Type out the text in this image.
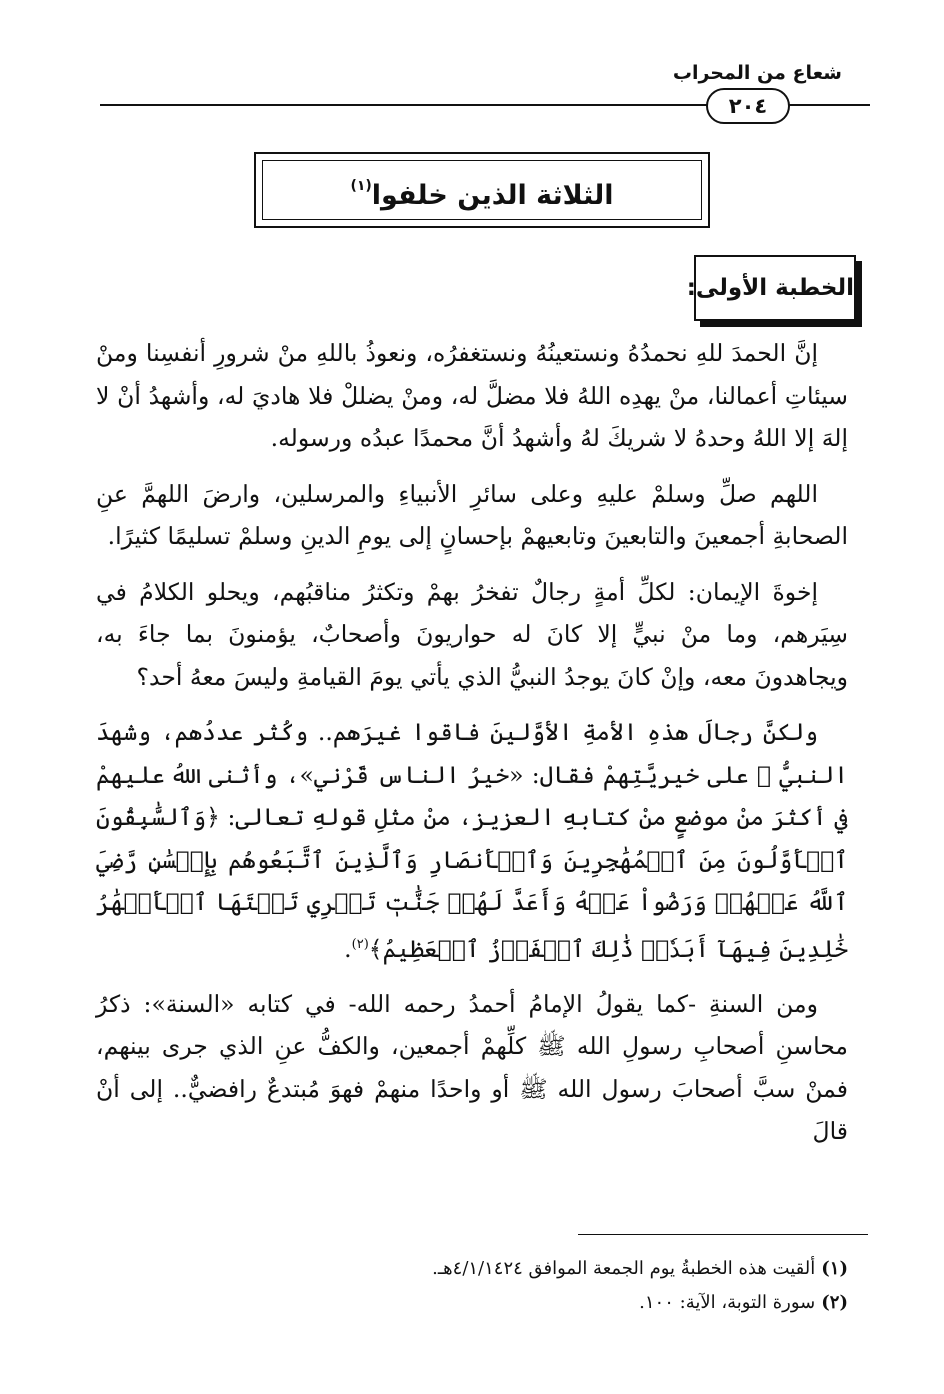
شعاع من المحراب
٢٠٤
الثلاثة الذين خلفوا$^{(١)}$
الخطبة الأولى:

إنَّ الحمدَ للهِ نحمدُهُ ونستعينُهُ ونستغفرُه، ونعوذُ باللهِ منْ شرورِ أنفسِنا ومنْ سيئاتِ أعمالنا، منْ يهدِه اللهُ فلا مضلَّ له، ومنْ يضللْ فلا هاديَ له، وأشهدُ أنْ لا إلهَ إلا اللهُ وحدهُ لا شريكَ لهُ وأشهدُ أنَّ محمدًا عبدُه ورسوله.

اللهم صلِّ وسلمْ عليهِ وعلى سائرِ الأنبياءِ والمرسلين، وارضَ اللهمَّ عنِ الصحابةِ أجمعينَ والتابعينَ وتابعيهمْ بإحسانٍ إلى يومِ الدينِ وسلمْ تسليمًا كثيرًا.

إخوةَ الإيمان: لكلِّ أمةٍ رجالٌ تفخرُ بهمْ وتكثرُ مناقبُهم، ويحلو الكلامُ في سِيَرهم، وما منْ نبيٍّ إلا كانَ له حواريونَ وأصحابٌ، يؤمنونَ بما جاءَ به، ويجاهدونَ معه، وإنْ كانَ يوجدُ النبيُّ الذي يأتي يومَ القيامةِ وليسَ معهُ أحد؟

ولكنَّ رجالَ هذهِ الأمةِ الأوَّلينَ فاقوا غيرَهم.. وكُثر عددُهم، وشهدَ النبيُّ ﷺ على خيريَّتِهمْ فقال: «خيرُ الناس قَرْني»، وأثنى اللهُ عليهمْ في أكثرَ منْ موضعٍ منْ كتابهِ العزيز، منْ مثلِ قولهِ تعالى: ﴿وَٱلسَّٰبِقُونَ ٱلۡأَوَّلُونَ مِنَ ٱلۡمُهَٰجِرِينَ وَٱلۡأَنصَارِ وَٱلَّذِينَ ٱتَّبَعُوهُم بِإِحۡسَٰنٖ رَّضِيَ ٱللَّهُ عَنۡهُمۡ وَرَضُواْ عَنۡهُ وَأَعَدَّ لَهُمۡ جَنَّٰتٖ تَجۡرِي تَحۡتَهَا ٱلۡأَنۡهَٰرُ خَٰلِدِينَ فِيهَآ أَبَدٗاۚ ذَٰلِكَ ٱلۡفَوۡزُ ٱلۡعَظِيمُ﴾$^{(٢)}$.

ومن السنةِ -كما يقولُ الإمامُ أحمدُ رحمه الله- في كتابه «السنة»: ذكرُ محاسنِ أصحابِ رسولِ الله ﷺ كلِّهمْ أجمعين، والكفُّ عنِ الذي جرى بينهم، فمنْ سبَّ أصحابَ رسول الله ﷺ أو واحدًا منهمْ فهوَ مُبتدعٌ رافضيٌّ.. إلى أنْ قالَ

(١)ألقيت هذه الخطبةُ يوم الجمعة الموافق ٤/١/١٤٢٤هـ.
(٢)سورة التوبة، الآية: ١٠٠.
